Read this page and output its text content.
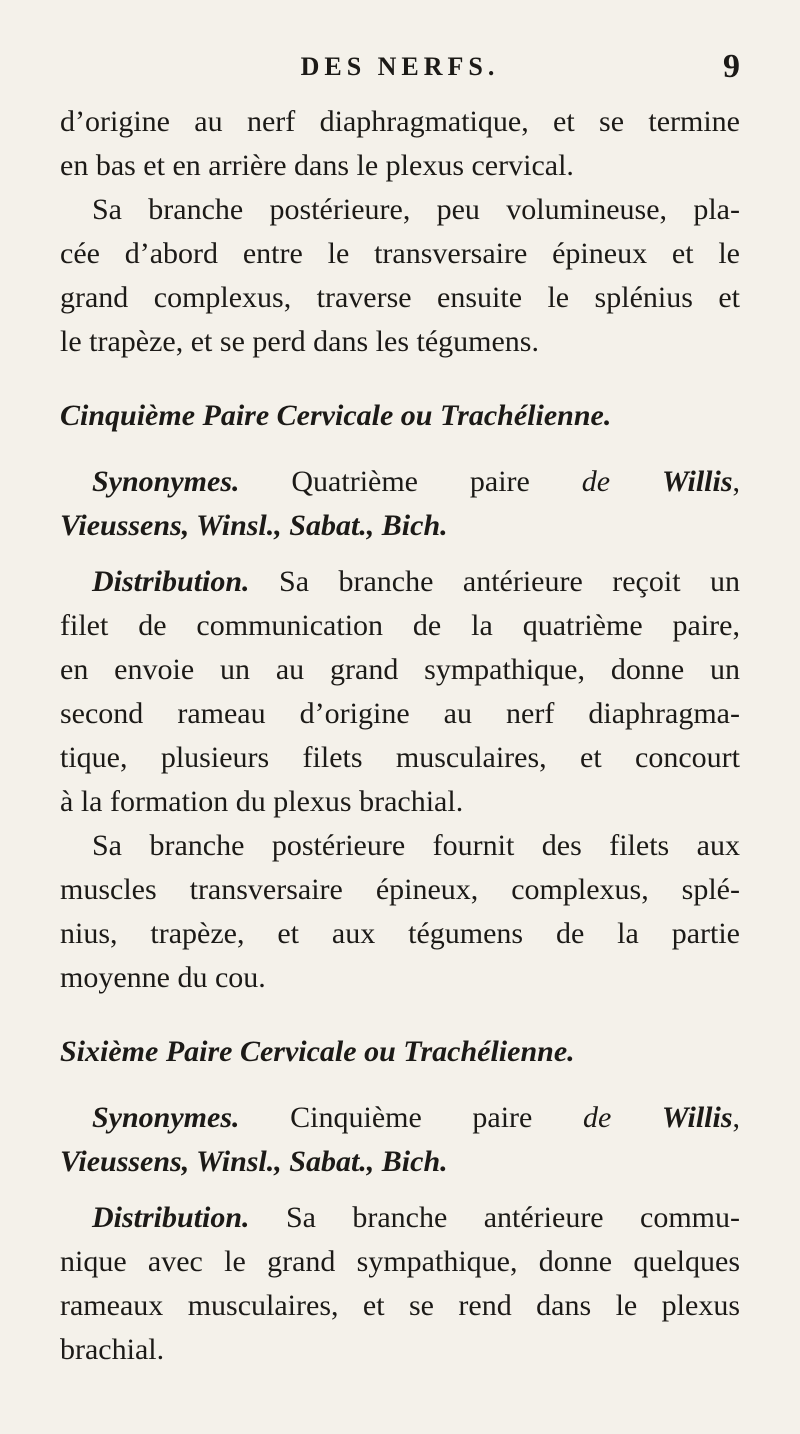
DES NERFS.	9
d’origine au nerf diaphragmatique, et se termine
en bas et en arrière dans le plexus cervical.
Sa branche postérieure, peu volumineuse, pla-
cée d’abord entre le transversaire épineux et le
grand complexus, traverse ensuite le splénius et
le trapèze, et se perd dans les tégumens.
Cinquième Paire Cervicale ou Trachélienne.
Synonymes. Quatrième paire de Willis,
Vieussens, Winsl., Sabat., Bich.
Distribution. Sa branche antérieure reçoit un
filet de communication de la quatrième paire,
en envoie un au grand sympathique, donne un
second rameau d’origine au nerf diaphragma-
tique, plusieurs filets musculaires, et concourt
à la formation du plexus brachial.
Sa branche postérieure fournit des filets aux
muscles transversaire épineux, complexus, splé-
nius, trapèze, et aux tégumens de la partie
moyenne du cou.
Sixième Paire Cervicale ou Trachélienne.
Synonymes. Cinquième paire de Willis,
Vieussens, Winsl., Sabat., Bich.
Distribution. Sa branche antérieure commu-
nique avec le grand sympathique, donne quelques
rameaux musculaires, et se rend dans le plexus
brachial.
